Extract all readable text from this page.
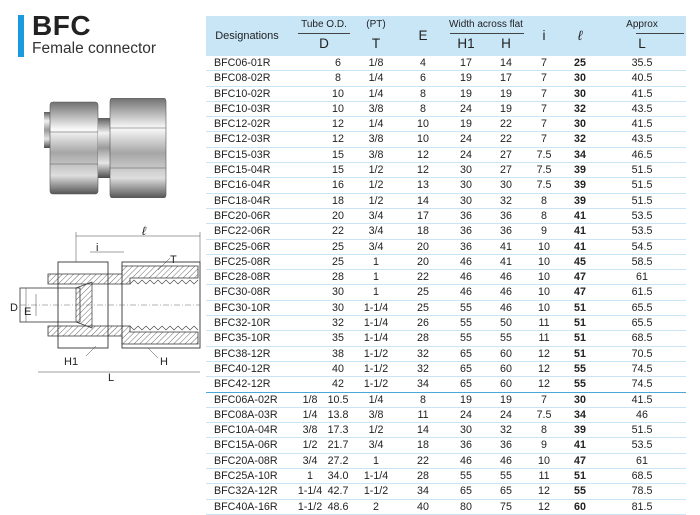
BFC
Female connector
ℓ
i
T
D E
H1	H
L
Designations
Tube O.D.
D
(PT)
T
E
Width across flat
H1	H
i	ℓ
Approx
L

BFC06-01R		6	1/8	4	17	14	7	25	35.5
BFC08-02R		8	1/4	6	19	17	7	30	40.5
BFC10-02R		10	1/4	8	19	19	7	30	41.5
BFC10-03R		10	3/8	8	24	19	7	32	43.5
BFC12-02R		12	1/4	10	19	22	7	30	41.5
BFC12-03R		12	3/8	10	24	22	7	32	43.5
BFC15-03R		15	3/8	12	24	27	7.5	34	46.5
BFC15-04R		15	1/2	12	30	27	7.5	39	51.5
BFC16-04R		16	1/2	13	30	30	7.5	39	51.5
BFC18-04R		18	1/2	14	30	32	8	39	51.5
BFC20-06R		20	3/4	17	36	36	8	41	53.5
BFC22-06R		22	3/4	18	36	36	9	41	53.5
BFC25-06R		25	3/4	20	36	41	10	41	54.5
BFC25-08R		25	1	20	46	41	10	45	58.5
BFC28-08R		28	1	22	46	46	10	47	61
BFC30-08R		30	1	25	46	46	10	47	61.5
BFC30-10R		30	1-1/4	25	55	46	10	51	65.5
BFC32-10R		32	1-1/4	26	55	50	11	51	65.5
BFC35-10R		35	1-1/4	28	55	55	11	51	68.5
BFC38-12R		38	1-1/2	32	65	60	12	51	70.5
BFC40-12R		40	1-1/2	32	65	60	12	55	74.5
BFC42-12R		42	1-1/2	34	65	60	12	55	74.5
BFC06A-02R	1/8	10.5	1/4	8	19	19	7	30	41.5
BFC08A-03R	1/4	13.8	3/8	11	24	24	7.5	34	46
BFC10A-04R	3/8	17.3	1/2	14	30	32	8	39	51.5
BFC15A-06R	1/2	21.7	3/4	18	36	36	9	41	53.5
BFC20A-08R	3/4	27.2	1	22	46	46	10	47	61
BFC25A-10R	1	34.0	1-1/4	28	55	55	11	51	68.5
BFC32A-12R	1-1/4	42.7	1-1/2	34	65	65	12	55	78.5
BFC40A-16R	1-1/2	48.6	2	40	80	75	12	60	81.5
